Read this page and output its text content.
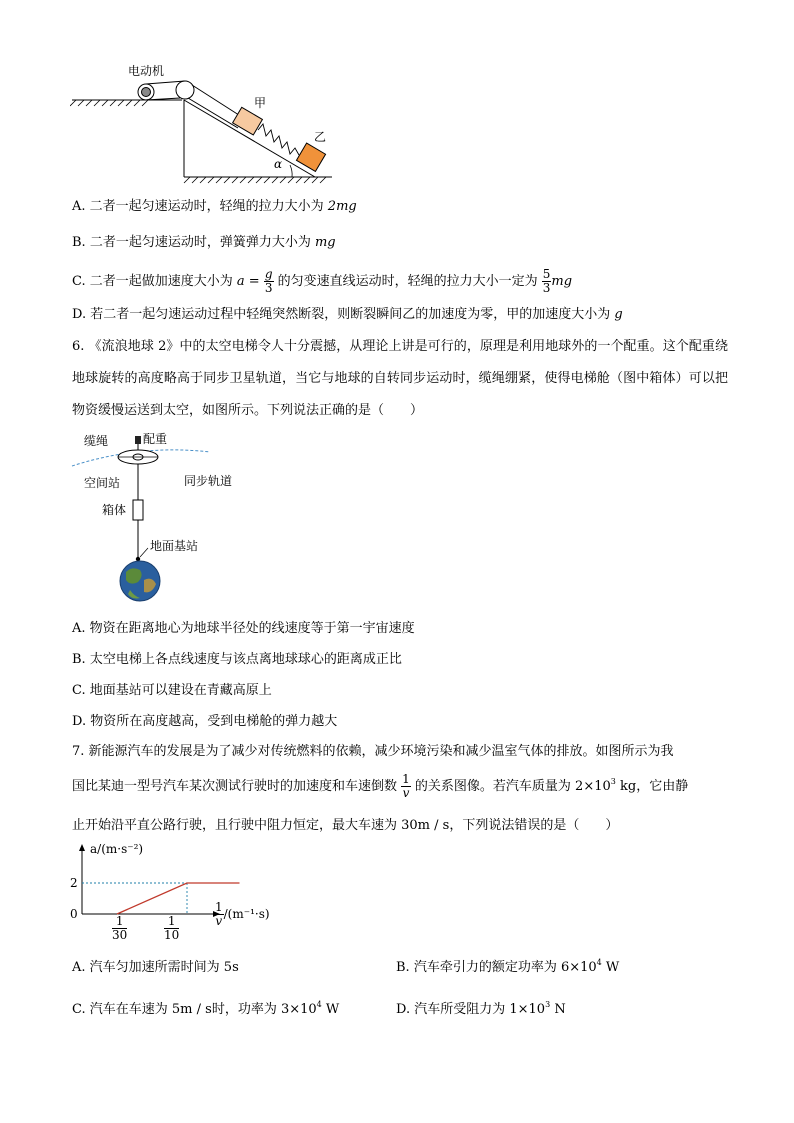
电动机
甲
乙
α
A. 二者一起匀速运动时，轻绳的拉力大小为 2mg
B. 二者一起匀速运动时，弹簧弹力大小为 mg
C. 二者一起做加速度大小为 $a = \frac{g}{3}$ 的匀变速直线运动时，轻绳的拉力大小一定为 $\frac{5}{3}$ mg
D. 若二者一起匀速运动过程中轻绳突然断裂，则断裂瞬间乙的加速度为零，甲的加速度大小为 g
6. 《流浪地球 2》中的太空电梯令人十分震撼，从理论上讲是可行的，原理是利用地球外的一个配重。这个配重绕地球旋转的高度略高于同步卫星轨道，当它与地球的自转同步运动时，缆绳绷紧，使得电梯舱（图中箱体）可以把物资缓慢运送到太空，如图所示。下列说法正确的是（　　）
缆绳	配重
空间站	同步轨道
箱体
地面基站
A. 物资在距离地心为地球半径处的线速度等于第一宇宙速度
B. 太空电梯上各点线速度与该点离地球球心的距离成正比
C. 地面基站可以建设在青藏高原上
D. 物资所在高度越高，受到电梯舱的弹力越大
7. 新能源汽车的发展是为了减少对传统燃料的依赖，减少环境污染和减少温室气体的排放。如图所示为我
国比某迪一型号汽车某次测试行驶时的加速度和车速倒数 $\frac{1}{v}$ 的关系图像。若汽车质量为 $2\times 10^3$ kg，它由静
止开始沿平直公路行驶，且行驶中阻力恒定，最大车速为 30m / s，下列说法错误的是（　　）
a/(m·s⁻²)
2
0
$\frac{1}{30}$	$\frac{1}{10}$
$\frac{1}{v} /(m^{-1}\cdot s)$
A. 汽车匀加速所需时间为 5s	B. 汽车牵引力的额定功率为 $6\times 10^4$ W
C. 汽车在车速为 5m / s时，功率为 $3\times 10^4$ W	D. 汽车所受阻力为 $1\times 10^3$ N
